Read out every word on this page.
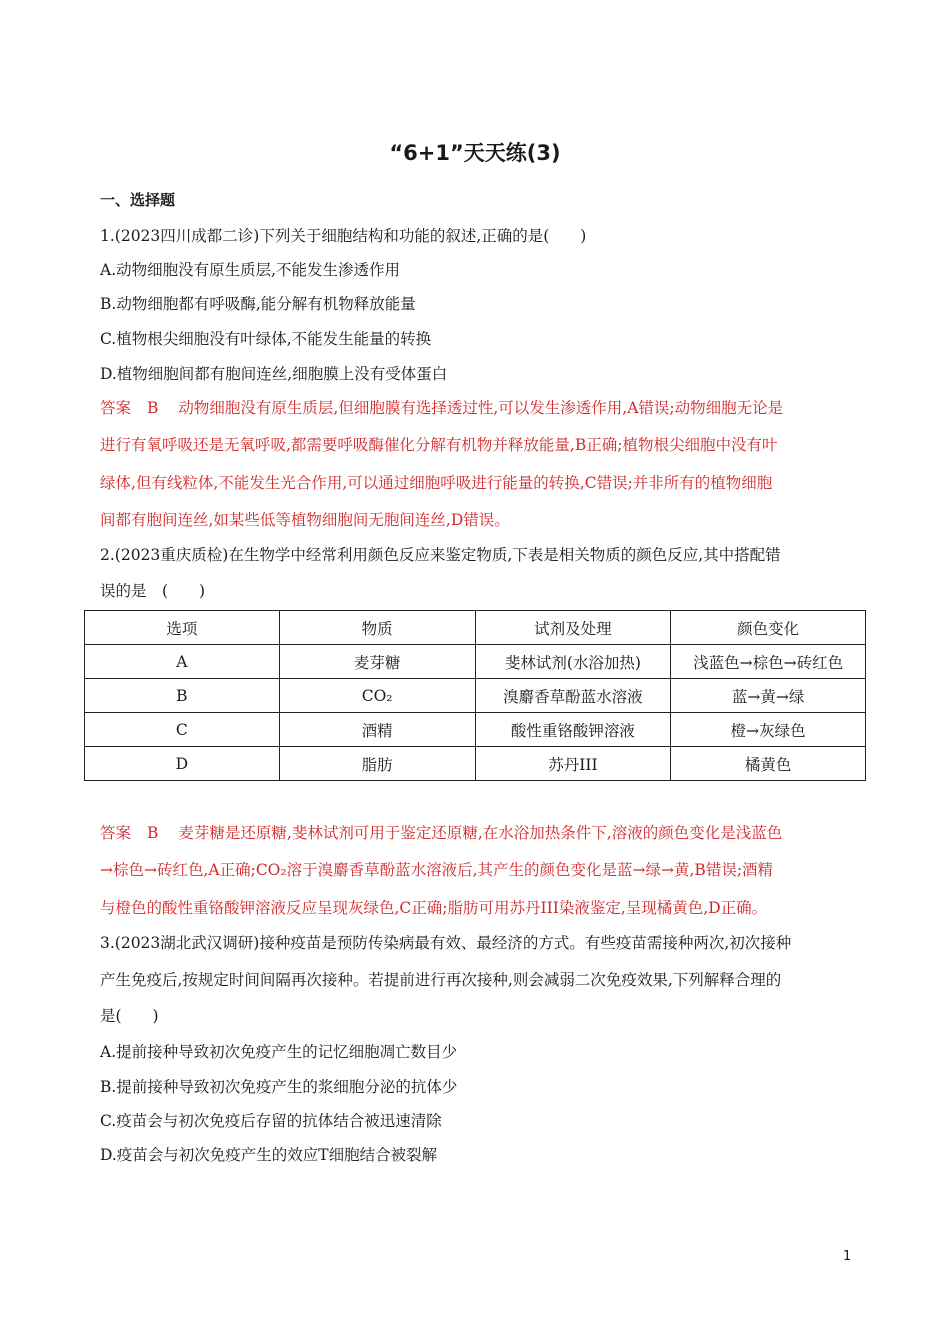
“6+1”天天练(3)
一、选择题
1.(2023四川成都二诊)下列关于细胞结构和功能的叙述,正确的是(　　)
A.动物细胞没有原生质层,不能发生渗透作用
B.动物细胞都有呼吸酶,能分解有机物释放能量
C.植物根尖细胞没有叶绿体,不能发生能量的转换
D.植物细胞间都有胞间连丝,细胞膜上没有受体蛋白
答案 B 动物细胞没有原生质层,但细胞膜有选择透过性,可以发生渗透作用,A错误;动物细胞无论是
进行有氧呼吸还是无氧呼吸,都需要呼吸酶催化分解有机物并释放能量,B正确;植物根尖细胞中没有叶
绿体,但有线粒体,不能发生光合作用,可以通过细胞呼吸进行能量的转换,C错误;并非所有的植物细胞
间都有胞间连丝,如某些低等植物细胞间无胞间连丝,D错误。
2.(2023重庆质检)在生物学中经常利用颜色反应来鉴定物质,下表是相关物质的颜色反应,其中搭配错
误的是　(　　)
选项	物质	试剂及处理	颜色变化
A	麦芽糖	斐林试剂(水浴加热)	浅蓝色→棕色→砖红色
B	CO₂	溴麝香草酚蓝水溶液	蓝→黄→绿
C	酒精	酸性重铬酸钾溶液	橙→灰绿色
D	脂肪	苏丹III	橘黄色
答案 B 麦芽糖是还原糖,斐林试剂可用于鉴定还原糖,在水浴加热条件下,溶液的颜色变化是浅蓝色
→棕色→砖红色,A正确;CO₂溶于溴麝香草酚蓝水溶液后,其产生的颜色变化是蓝→绿→黄,B错误;酒精
与橙色的酸性重铬酸钾溶液反应呈现灰绿色,C正确;脂肪可用苏丹III染液鉴定,呈现橘黄色,D正确。
3.(2023湖北武汉调研)接种疫苗是预防传染病最有效、最经济的方式。有些疫苗需接种两次,初次接种
产生免疫后,按规定时间间隔再次接种。若提前进行再次接种,则会减弱二次免疫效果,下列解释合理的
是(　　)
A.提前接种导致初次免疫产生的记忆细胞凋亡数目少
B.提前接种导致初次免疫产生的浆细胞分泌的抗体少
C.疫苗会与初次免疫后存留的抗体结合被迅速清除
D.疫苗会与初次免疫产生的效应T细胞结合被裂解
1
